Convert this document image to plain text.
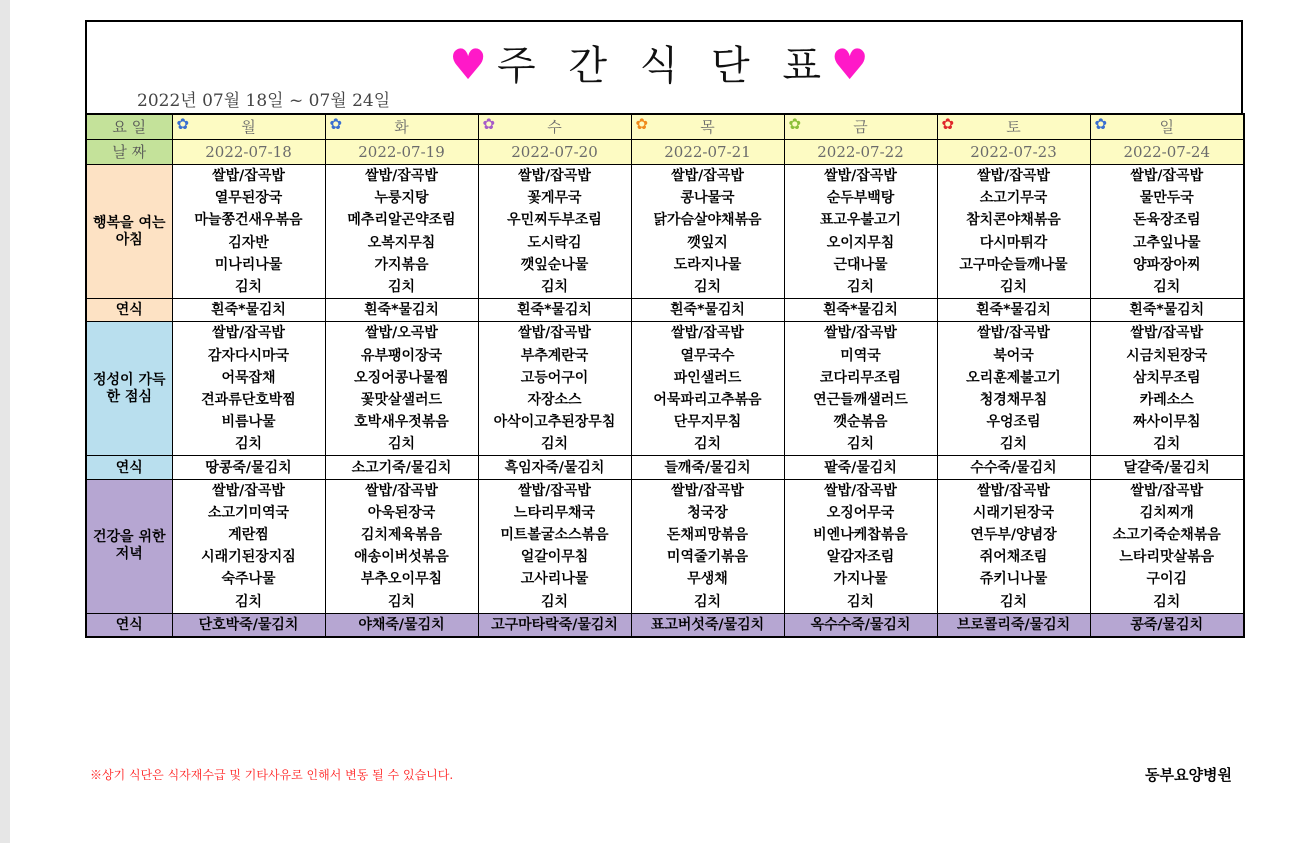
♥주 간 식 단 표♥
2022년 07월 18일 ~ 07월 24일
요 일	✿ 월	✿ 화	✿ 수	✿ 목	✿ 금	✿ 토	✿ 일
날 짜	2022-07-18	2022-07-19	2022-07-20	2022-07-21	2022-07-22	2022-07-23	2022-07-24
행복을 여는 아침	쌀밥/잡곡밥	쌀밥/잡곡밥	쌀밥/잡곡밥	쌀밥/잡곡밥	쌀밥/잡곡밥	쌀밥/잡곡밥	쌀밥/잡곡밥
	열무된장국	누룽지탕	꽃게무국	콩나물국	순두부백탕	소고기무국	물만두국
	마늘쫑건새우볶음	메추리알곤약조림	우민찌두부조림	닭가슴살야채볶음	표고우불고기	참치콘야채볶음	돈육장조림
	김자반	오복지무침	도시락김	깻잎지	오이지무침	다시마튀각	고추잎나물
	미나리나물	가지볶음	깻잎순나물	도라지나물	근대나물	고구마순들깨나물	양파장아찌
	김치	김치	김치	김치	김치	김치	김치
연식	흰죽*물김치	흰죽*물김치	흰죽*물김치	흰죽*물김치	흰죽*물김치	흰죽*물김치	흰죽*물김치
정성이 가득한 점심	쌀밥/잡곡밥	쌀밥/오곡밥	쌀밥/잡곡밥	쌀밥/잡곡밥	쌀밥/잡곡밥	쌀밥/잡곡밥	쌀밥/잡곡밥
	감자다시마국	유부팽이장국	부추계란국	열무국수	미역국	북어국	시금치된장국
	어묵잡채	오징어콩나물찜	고등어구이	파인샐러드	코다리무조림	오리훈제불고기	삼치무조림
	견과류단호박찜	꽃맛살샐러드	자장소스	어묵파리고추볶음	연근들깨샐러드	청경채무침	카레소스
	비름나물	호박새우젓볶음	아삭이고추된장무침	단무지무침	깻순볶음	우엉조림	짜사이무침
	김치	김치	김치	김치	김치	김치	김치
연식	땅콩죽/물김치	소고기죽/물김치	흑임자죽/물김치	들깨죽/물김치	팥죽/물김치	수수죽/물김치	달걀죽/물김치
건강을 위한 저녁	쌀밥/잡곡밥	쌀밥/잡곡밥	쌀밥/잡곡밥	쌀밥/잡곡밥	쌀밥/잡곡밥	쌀밥/잡곡밥	쌀밥/잡곡밥
	소고기미역국	아욱된장국	느타리무채국	청국장	오징어무국	시래기된장국	김치찌개
	계란찜	김치제육볶음	미트볼굴소스볶음	돈채피망볶음	비엔나케찹볶음	연두부/양념장	소고기죽순채볶음
	시래기된장지짐	애송이버섯볶음	얼갈이무침	미역줄기볶음	알감자조림	쥐어채조림	느타리맛살볶음
	숙주나물	부추오이무침	고사리나물	무생채	가지나물	쥬키니나물	구이김
	김치	김치	김치	김치	김치	김치	김치
연식	단호박죽/물김치	야채죽/물김치	고구마타락죽/물김치	표고버섯죽/물김치	옥수수죽/물김치	브로콜리죽/물김치	콩죽/물김치
※상기 식단은 식자재수급 및 기타사유로 인해서 변동 될 수 있습니다.	동부요양병원
